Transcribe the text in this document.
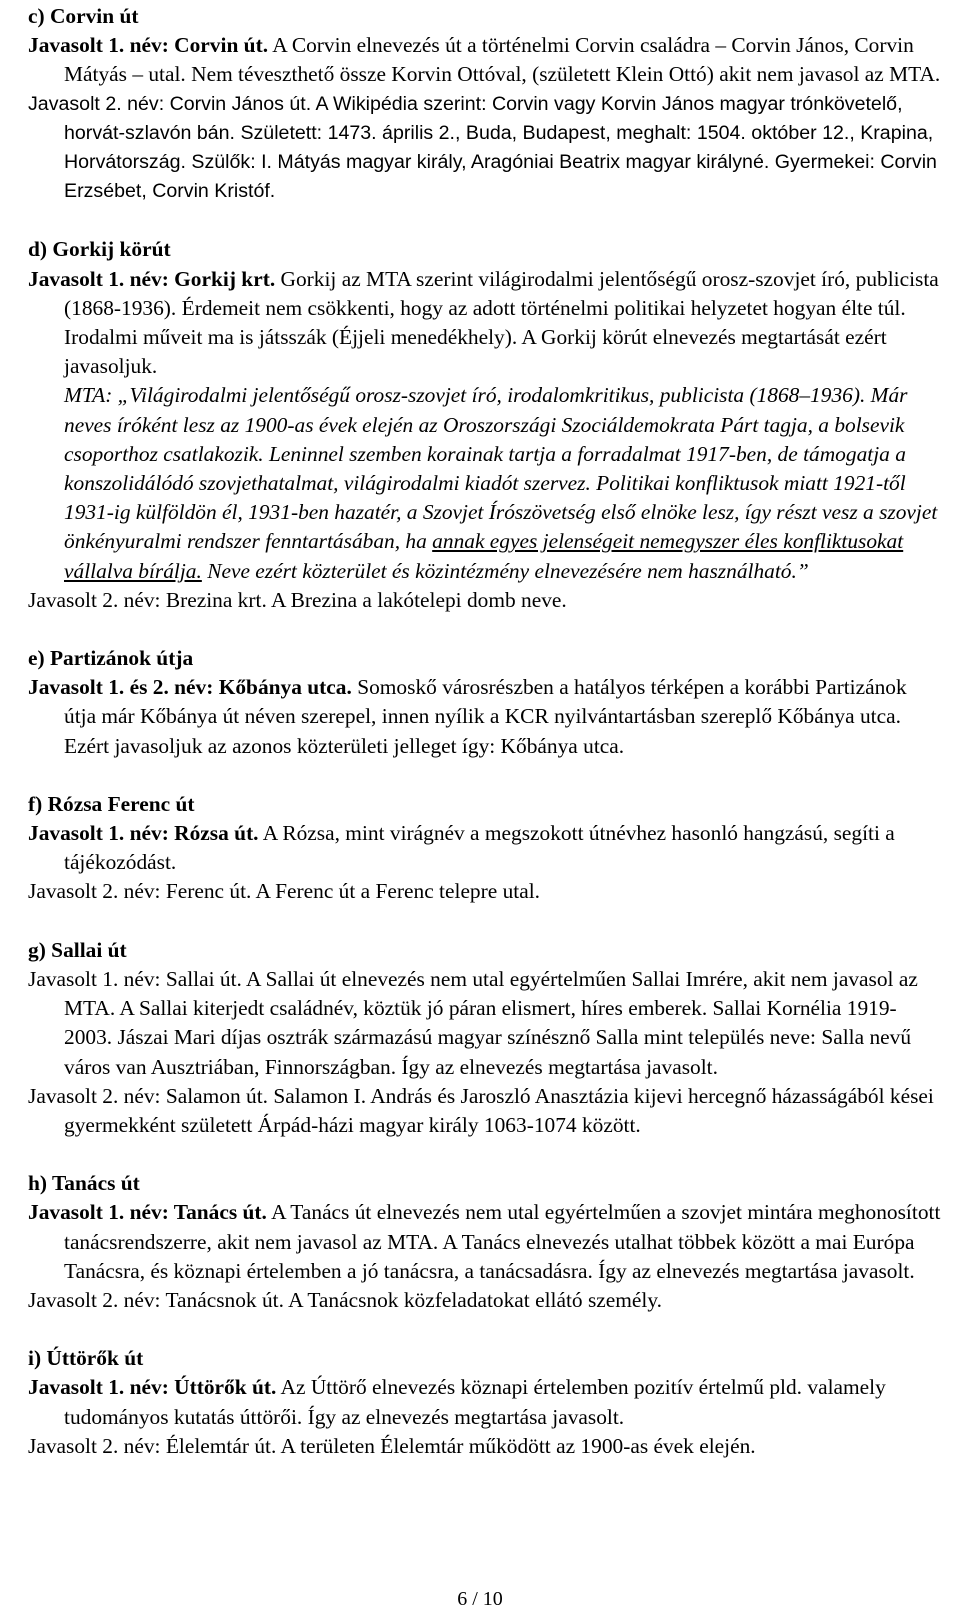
c) Corvin út

Javasolt 1. név: Corvin út. A Corvin elnevezés út a történelmi Corvin családra – Corvin János, Corvin Mátyás – utal. Nem téveszthető össze Korvin Ottóval, (született Klein Ottó) akit nem javasol az MTA.

Javasolt 2. név: Corvin János út. A Wikipédia szerint: Corvin vagy Korvin János magyar trónkövetelő, horvát-szlavón bán. Született: 1473. április 2., Buda, Budapest, meghalt: 1504. október 12., Krapina, Horvátország. Szülők: I. Mátyás magyar király, Aragóniai Beatrix magyar királyné. Gyermekei: Corvin Erzsébet, Corvin Kristóf.

d) Gorkij körút

Javasolt 1. név: Gorkij krt. Gorkij az MTA szerint világirodalmi jelentőségű orosz-szovjet író, publicista (1868-1936). Érdemeit nem csökkenti, hogy az adott történelmi politikai helyzetet hogyan élte túl. Irodalmi műveit ma is játsszák (Éjjeli menedékhely). A Gorkij körút elnevezés megtartását ezért javasoljuk.

MTA: „Világirodalmi jelentőségű orosz-szovjet író, irodalomkritikus, publicista (1868–1936). Már neves íróként lesz az 1900-as évek elején az Oroszországi Szociáldemokrata Párt tagja, a bolsevik csoporthoz csatlakozik. Leninnel szemben korainak tartja a forradalmat 1917-ben, de támogatja a konszolidálódó szovjethatalmat, világirodalmi kiadót szervez. Politikai konfliktusok miatt 1921-től 1931-ig külföldön él, 1931-ben hazatér, a Szovjet Írószövetség első elnöke lesz, így részt vesz a szovjet önkényuralmi rendszer fenntartásában, ha annak egyes jelenségeit nemegyszer éles konfliktusokat vállalva bírálja. Neve ezért közterület és közintézmény elnevezésére nem használható.”

Javasolt 2. név: Brezina krt. A Brezina a lakótelepi domb neve.

e) Partizánok útja

Javasolt 1. és 2. név: Kőbánya utca. Somoskő városrészben a hatályos térképen a korábbi Partizánok útja már Kőbánya út néven szerepel, innen nyílik a KCR nyilvántartásban szereplő Kőbánya utca. Ezért javasoljuk az azonos közterületi jelleget így: Kőbánya utca.

f) Rózsa Ferenc út

Javasolt 1. név: Rózsa út. A Rózsa, mint virágnév a megszokott útnévhez hasonló hangzású, segíti a tájékozódást.

Javasolt 2. név: Ferenc út. A Ferenc út a Ferenc telepre utal.

g) Sallai út

Javasolt 1. név: Sallai út. A Sallai út elnevezés nem utal egyértelműen Sallai Imrére, akit nem javasol az MTA. A Sallai kiterjedt családnév, köztük jó páran elismert, híres emberek. Sallai Kornélia 1919-2003. Jászai Mari díjas osztrák származású magyar színésznő Salla mint település neve: Salla nevű város van Ausztriában, Finnországban. Így az elnevezés megtartása javasolt.

Javasolt 2. név: Salamon út. Salamon I. András és Jaroszló Anasztázia kijevi hercegnő házasságából kései gyermekként született Árpád-házi magyar király 1063-1074 között.

h) Tanács út

Javasolt 1. név: Tanács út. A Tanács út elnevezés nem utal egyértelműen a szovjet mintára meghonosított tanácsrendszerre, akit nem javasol az MTA. A Tanács elnevezés utalhat többek között a mai Európa Tanácsra, és köznapi értelemben a jó tanácsra, a tanácsadásra. Így az elnevezés megtartása javasolt.

Javasolt 2. név: Tanácsnok út. A Tanácsnok közfeladatokat ellátó személy.

i) Úttörők út

Javasolt 1. név: Úttörők út. Az Úttörő elnevezés köznapi értelemben pozitív értelmű pld. valamely tudományos kutatás úttörői. Így az elnevezés megtartása javasolt.

Javasolt 2. név: Élelemtár út. A területen Élelemtár működött az 1900-as évek elején.

6 / 10
